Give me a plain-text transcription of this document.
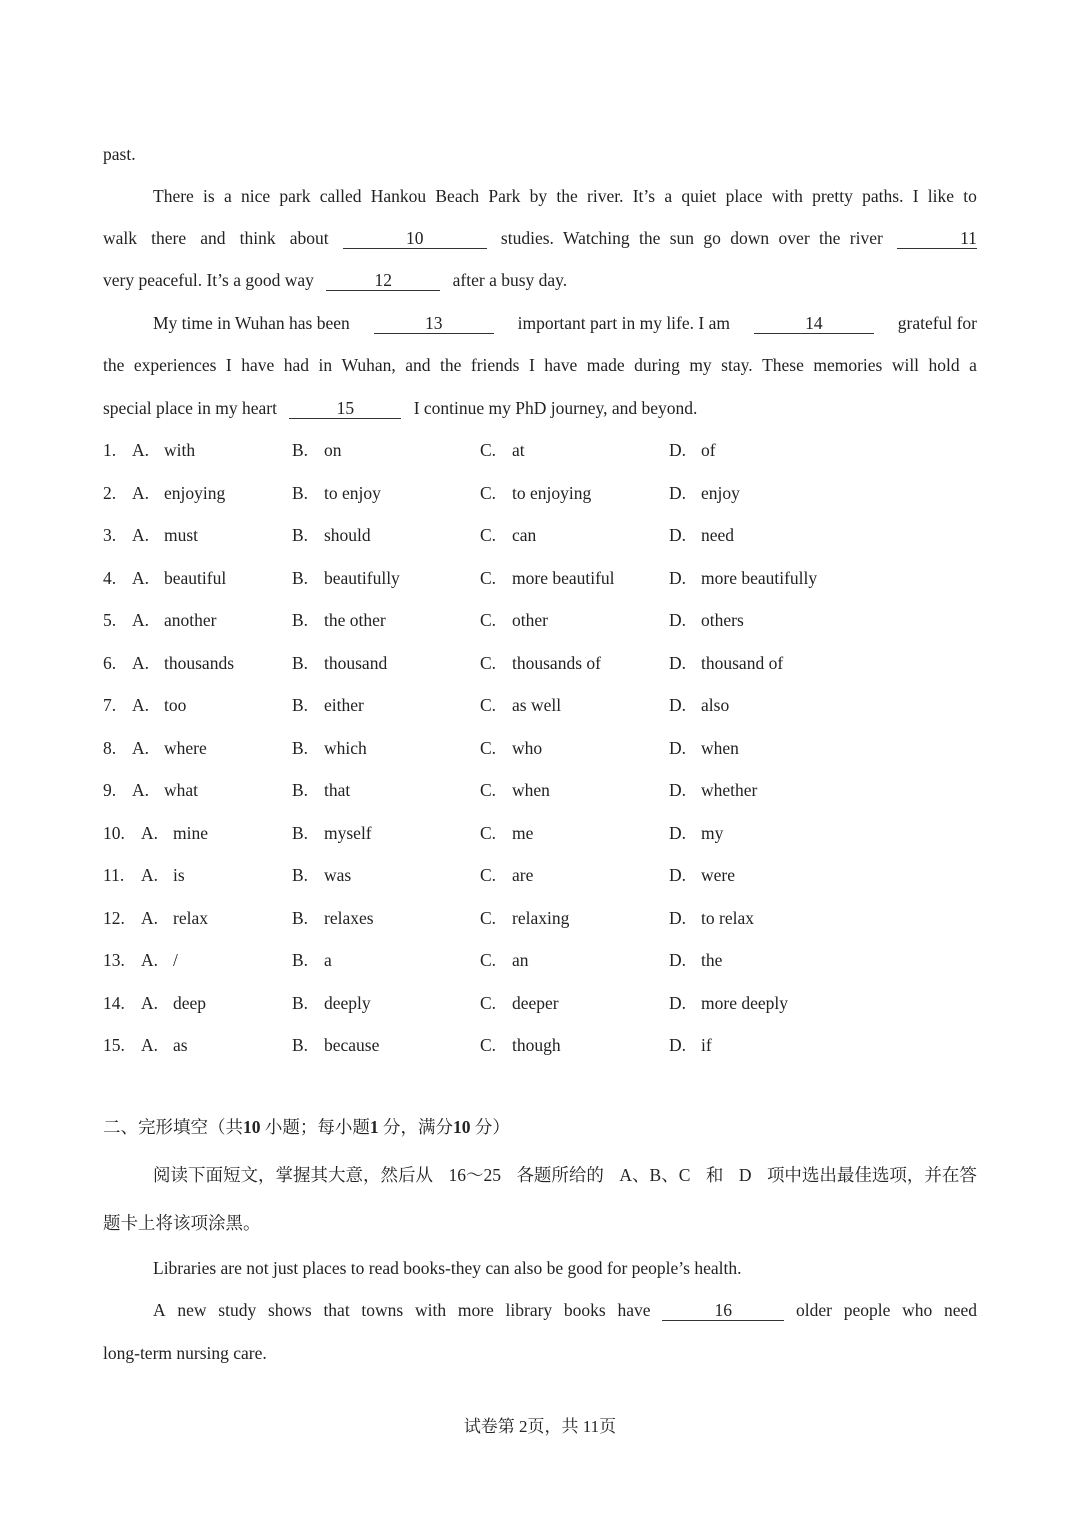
past.
There is a nice park called Hankou Beach Park by the river. It’s a quiet place with pretty paths. I like to
walk there and think about	10	studies. Watching the sun go down over the river	11
very peaceful. It’s a good way	12	after a busy day.
My time in Wuhan has been	13	important part in my life. I am	14	grateful for
the experiences I have had in Wuhan, and the friends I have made during my stay. These memories will hold a
special place in my heart	15	I continue my PhD journey, and beyond.
1. A. with	B. on	C. at	D. of
2. A. enjoying	B. to enjoy	C. to enjoying	D. enjoy
3. A. must	B. should	C. can	D. need
4. A. beautiful	B. beautifully	C. more beautiful	D. more beautifully
5. A. another	B. the other	C. other	D. others
6. A. thousands	B. thousand	C. thousands of	D. thousand of
7. A. too	B. either	C. as well	D. also
8. A. where	B. which	C. who	D. when
9. A. what	B. that	C. when	D. whether
10. A. mine	B. myself	C. me	D. my
11. A. is	B. was	C. are	D. were
12. A. relax	B. relaxes	C. relaxing	D. to relax
13. A. /	B. a	C. an	D. the
14. A. deep	B. deeply	C. deeper	D. more deeply
15. A. as	B. because	C. though	D. if
二、完形填空（共10 小题；每小题1 分，满分10 分）
阅读下面短文，掌握其大意，然后从 16～25 各题所给的 A、B、C 和 D 项中选出最佳选项，并在答
题卡上将该项涂黑。
Libraries are not just places to read books-they can also be good for people’s health.
A new study shows that towns with more library books have	16	older people who need
long-term nursing care.
试卷第 2页，共 11页
